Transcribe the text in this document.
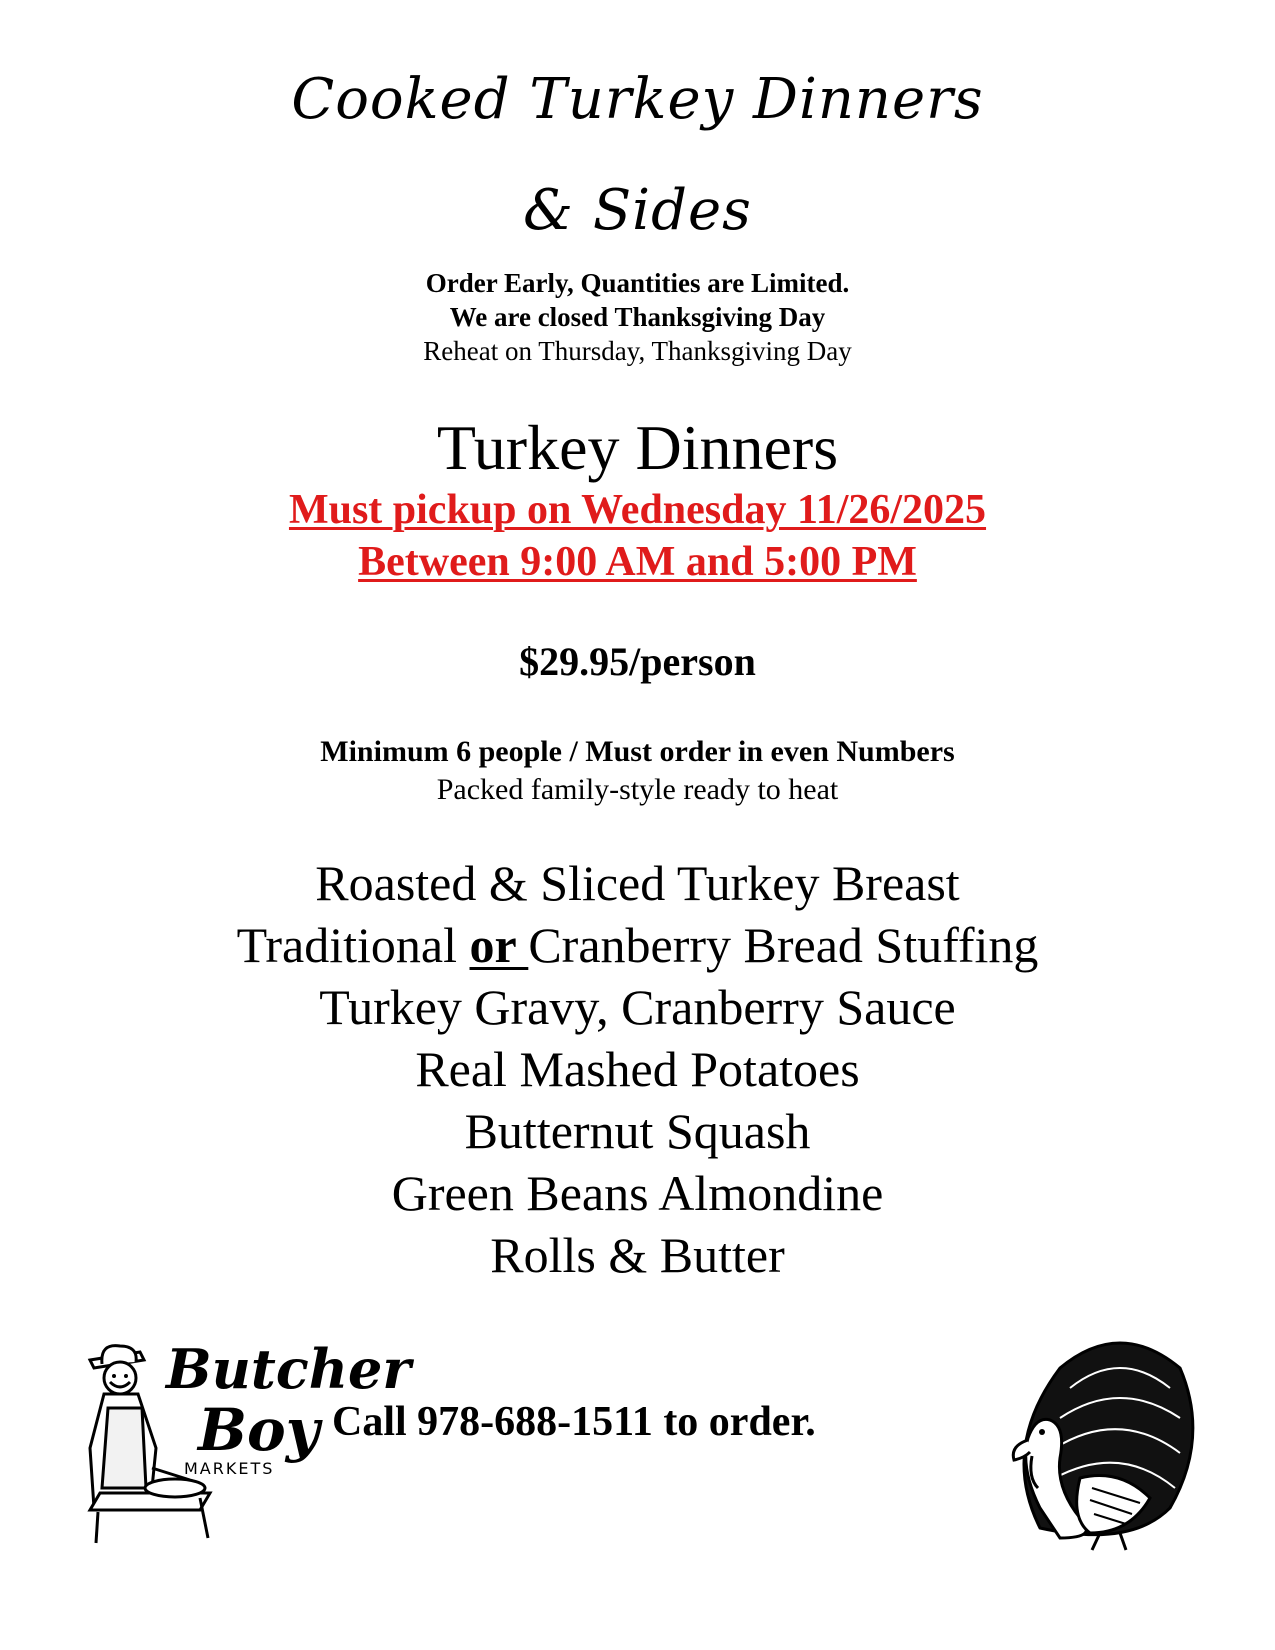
Cooked Turkey Dinners
& Sides
Order Early, Quantities are Limited.
We are closed Thanksgiving Day
Reheat on Thursday, Thanksgiving Day
Turkey Dinners
Must pickup on Wednesday 11/26/2025
Between 9:00 AM and 5:00 PM
$29.95/person
Minimum 6 people / Must order in even Numbers
Packed family-style ready to heat
Roasted & Sliced Turkey Breast
Traditional or Cranberry Bread Stuffing
Turkey Gravy, Cranberry Sauce
Real Mashed Potatoes
Butternut Squash
Green Beans Almondine
Rolls & Butter
Butcher
Boy
MARKETS
Call 978-688-1511 to order.
